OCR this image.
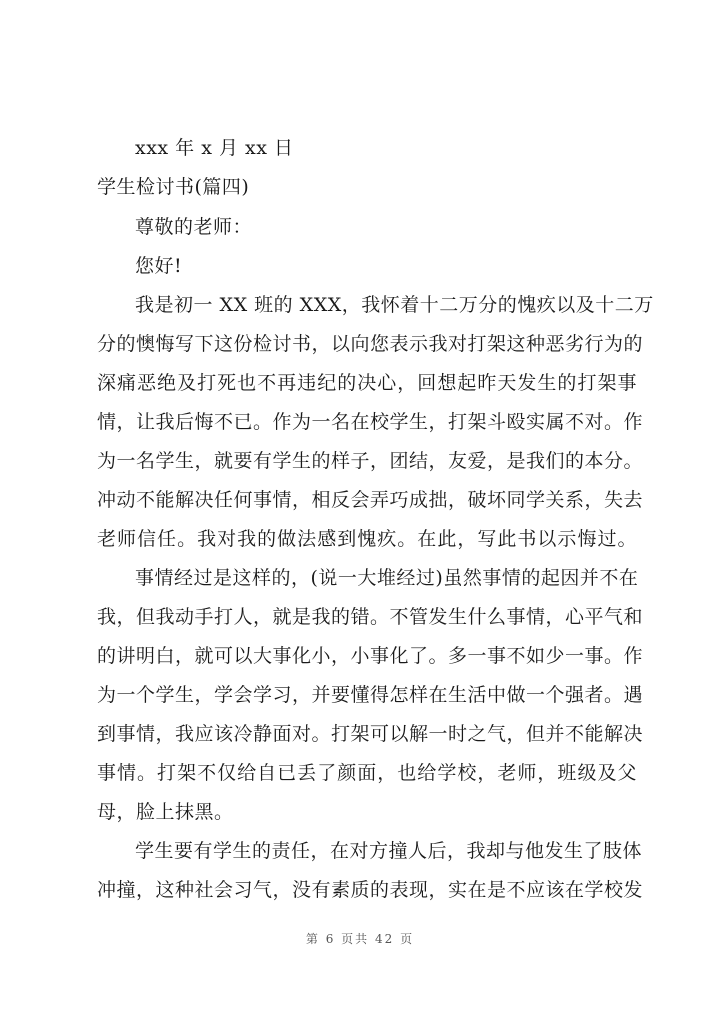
xxx 年 x 月 xx 日
学生检讨书(篇四)
尊敬的老师：
您好!
我是初一 XX 班的 XXX，我怀着十二万分的愧疚以及十二万
分的懊悔写下这份检讨书，以向您表示我对打架这种恶劣行为的
深痛恶绝及打死也不再违纪的决心，回想起昨天发生的打架事
情，让我后悔不已。作为一名在校学生，打架斗殴实属不对。作
为一名学生，就要有学生的样子，团结，友爱，是我们的本分。
冲动不能解决任何事情，相反会弄巧成拙，破坏同学关系，失去
老师信任。我对我的做法感到愧疚。在此，写此书以示悔过。
事情经过是这样的，(说一大堆经过)虽然事情的起因并不在
我，但我动手打人，就是我的错。不管发生什么事情，心平气和
的讲明白，就可以大事化小，小事化了。多一事不如少一事。作
为一个学生，学会学习，并要懂得怎样在生活中做一个强者。遇
到事情，我应该冷静面对。打架可以解一时之气，但并不能解决
事情。打架不仅给自已丢了颜面，也给学校，老师，班级及父
母，脸上抹黑。
学生要有学生的责任，在对方撞人后，我却与他发生了肢体
冲撞，这种社会习气，没有素质的表现，实在是不应该在学校发
第 6 页共 42 页
